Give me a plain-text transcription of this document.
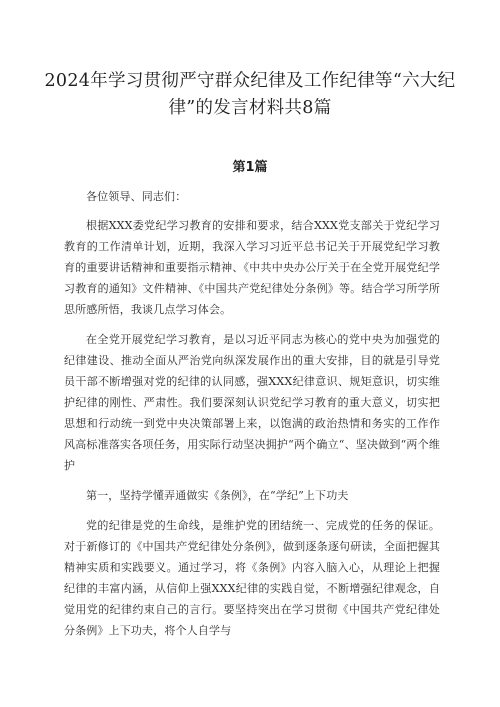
2024年学习贯彻严守群众纪律及工作纪律等“六大纪律”的发言材料共8篇
第1篇

各位领导、同志们：

根据XXX委党纪学习教育的安排和要求，结合XXX党支部关于党纪学习教育的工作清单计划，近期，我深入学习习近平总书记关于开展党纪学习教育的重要讲话精神和重要指示精神、《中共中央办公厅关于在全党开展党纪学习教育的通知》文件精神、《中国共产党纪律处分条例》等。结合学习所学所思所感所悟，我谈几点学习体会。

在全党开展党纪学习教育，是以习近平同志为核心的党中央为加强党的纪律建设、推动全面从严治党向纵深发展作出的重大安排，目的就是引导党员干部不断增强对党的纪律的认同感，强XXX纪律意识、规矩意识，切实维护纪律的刚性、严肃性。我们要深刻认识党纪学习教育的重大意义，切实把思想和行动统一到党中央决策部署上来，以饱满的政治热情和务实的工作作风高标准落实各项任务，用实际行动坚决拥护“两个确立“、坚决做到“两个维护

第一，坚持学懂弄通做实《条例》，在“学纪”上下功夫

党的纪律是党的生命线，是维护党的团结统一、完成党的任务的保证。对于新修订的《中国共产党纪律处分条例》，做到逐条逐句研读，全面把握其精神实质和实践要义。通过学习，将《条例》内容入脑入心，从理论上把握纪律的丰富内涵，从信仰上强XXX纪律的实践自觉，不断增强纪律观念，自觉用党的纪律约束自己的言行。要坚持突出在学习贯彻《中国共产党纪律处分条例》上下功夫，将个人自学与
